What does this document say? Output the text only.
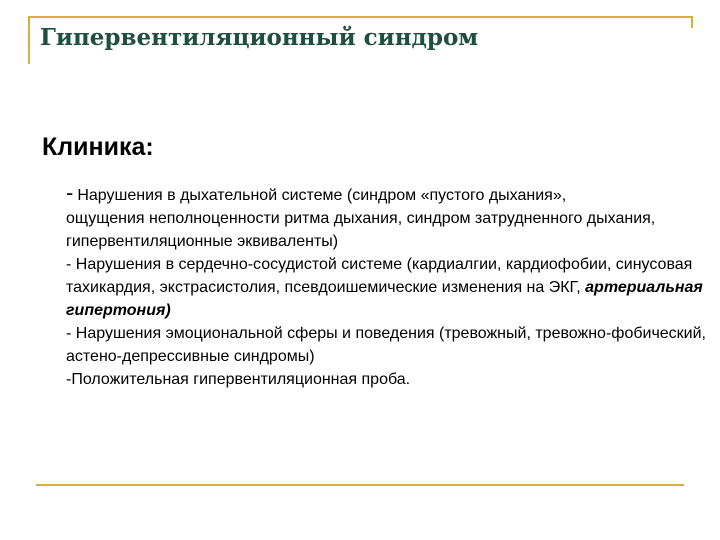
Гипервентиляционный синдром
Клиника:

- Нарушения в дыхательной системе (синдром «пустого дыхания»,
ощущения неполноценности ритма дыхания, синдром затрудненного дыхания, гипервентиляционные эквиваленты)

- Нарушения в сердечно-сосудистой системе (кардиалгии, кардиофобии, синусовая тахикардия, экстрасистолия, псевдоишемические изменения на ЭКГ, артериальная гипертония)

- Нарушения эмоциональной сферы и поведения (тревожный, тревожно-фобический, астено-депрессивные синдромы)

-Положительная гипервентиляционная проба.
